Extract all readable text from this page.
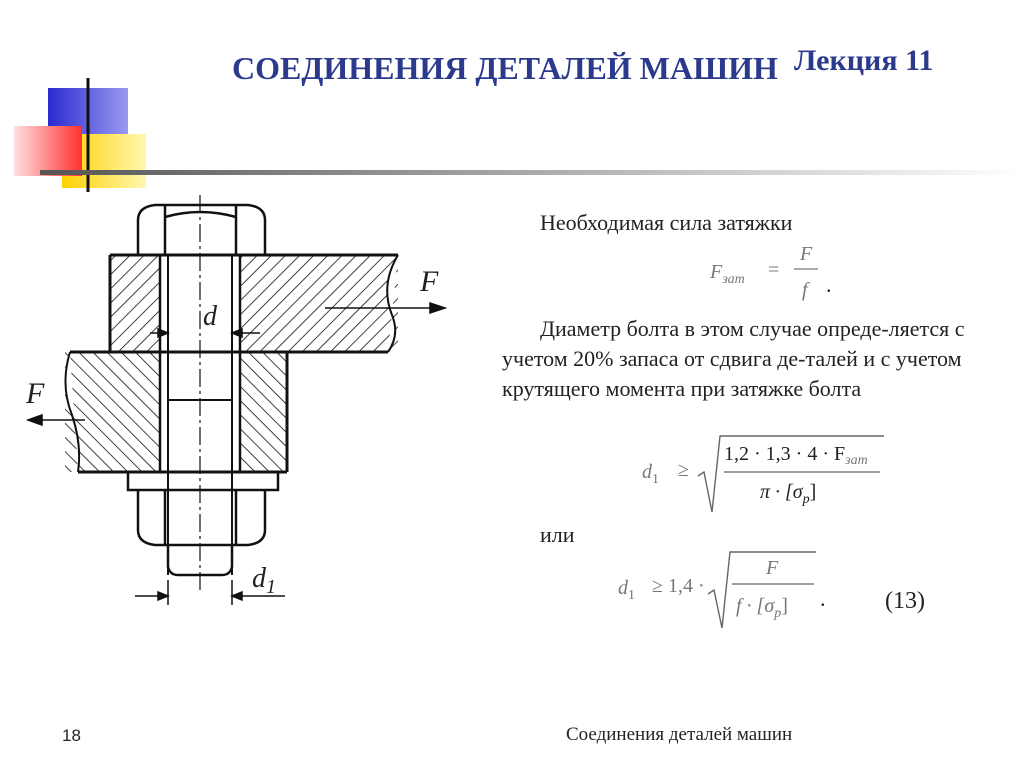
СОЕДИНЕНИЯ ДЕТАЛЕЙ МАШИН Лекция 11
F
F
d
$d_1$
Необходимая сила затяжки
$F_{зат}$ =
F
f .
Диаметр болта в этом случае опреде-ляется с учетом 20% запаса от сдвига де-талей и с учетом крутящего момента при затяжке болта
$d_1$ ≥
$1,2 \cdot 1,3 \cdot 4 \cdot F_{зат}$
$\pi \cdot [\sigma_р]$
или
$d_1 \ge 1,4$ ·
F
$f \cdot [\sigma_р]$ . (13)
18	Соединения деталей машин
